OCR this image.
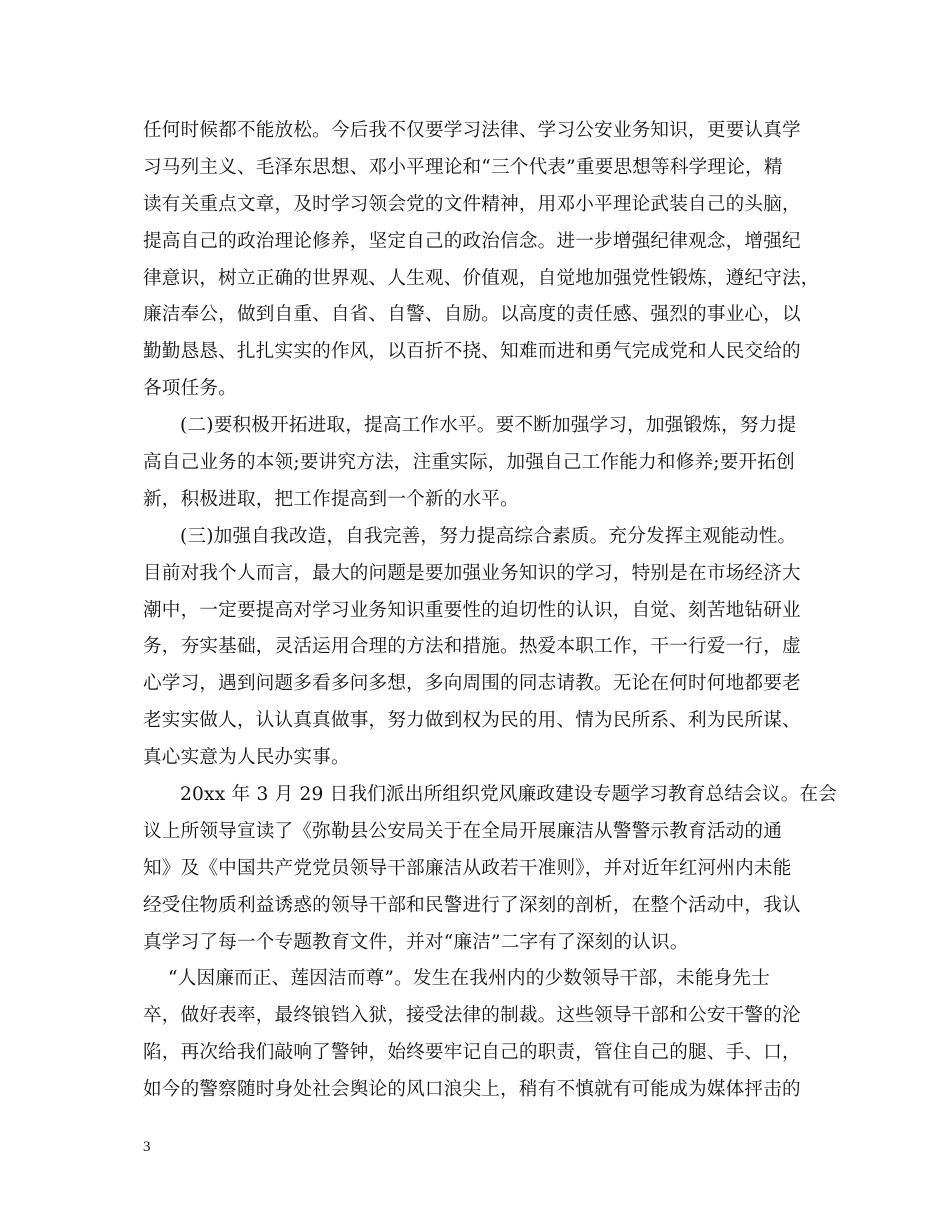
任何时候都不能放松。今后我不仅要学习法律、学习公安业务知识，更要认真学
习马列主义、毛泽东思想、邓小平理论和“三个代表”重要思想等科学理论，精
读有关重点文章，及时学习领会党的文件精神，用邓小平理论武装自己的头脑，
提高自己的政治理论修养，坚定自己的政治信念。进一步增强纪律观念，增强纪
律意识，树立正确的世界观、人生观、价值观，自觉地加强党性锻炼，遵纪守法，
廉洁奉公，做到自重、自省、自警、自励。以高度的责任感、强烈的事业心，以
勤勤恳恳、扎扎实实的作风，以百折不挠、知难而进和勇气完成党和人民交给的
各项任务。
(二)要积极开拓进取，提高工作水平。要不断加强学习，加强锻炼，努力提
高自己业务的本领;要讲究方法，注重实际，加强自己工作能力和修养;要开拓创
新，积极进取，把工作提高到一个新的水平。
(三)加强自我改造，自我完善，努力提高综合素质。充分发挥主观能动性。
目前对我个人而言，最大的问题是要加强业务知识的学习，特别是在市场经济大
潮中，一定要提高对学习业务知识重要性的迫切性的认识，自觉、刻苦地钻研业
务，夯实基础，灵活运用合理的方法和措施。热爱本职工作，干一行爱一行，虚
心学习，遇到问题多看多问多想，多向周围的同志请教。无论在何时何地都要老
老实实做人，认认真真做事，努力做到权为民的用、情为民所系、利为民所谋、
真心实意为人民办实事。
20xx 年 3 月 29 日我们派出所组织党风廉政建设专题学习教育总结会议。在会
议上所领导宣读了《弥勒县公安局关于在全局开展廉洁从警警示教育活动的通
知》及《中国共产党党员领导干部廉洁从政若干准则》，并对近年红河州内未能
经受住物质利益诱惑的领导干部和民警进行了深刻的剖析，在整个活动中，我认
真学习了每一个专题教育文件，并对“廉洁”二字有了深刻的认识。
“人因廉而正、莲因洁而尊”。发生在我州内的少数领导干部，未能身先士
卒，做好表率，最终锒铛入狱，接受法律的制裁。这些领导干部和公安干警的沦
陷，再次给我们敲响了警钟，始终要牢记自己的职责，管住自己的腿、手、口，
如今的警察随时身处社会舆论的风口浪尖上，稍有不慎就有可能成为媒体抨击的
3
